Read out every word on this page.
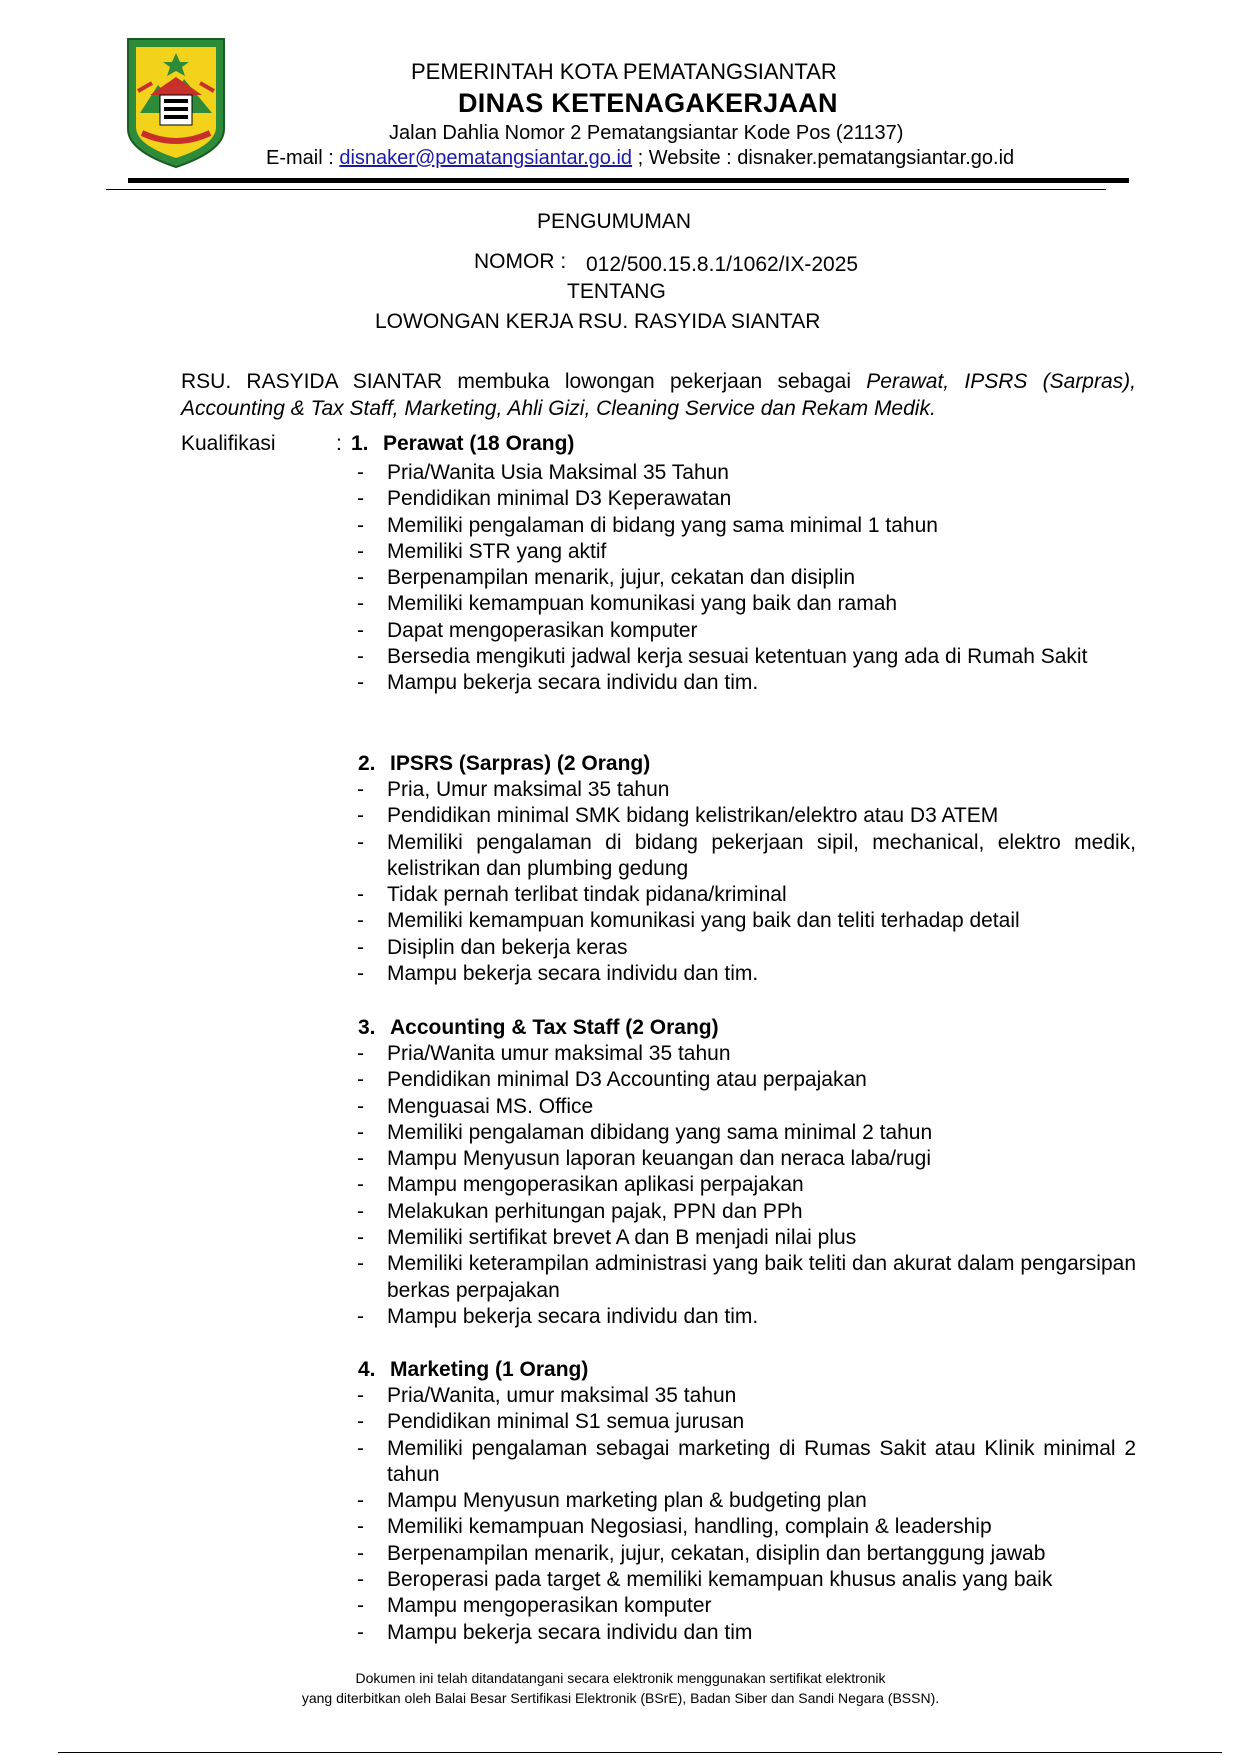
PEMERINTAH KOTA PEMATANGSIANTAR
DINAS KETENAGAKERJAAN
Jalan Dahlia Nomor 2 Pematangsiantar Kode Pos (21137)
E-mail : disnaker@pematangsiantar.go.id ; Website : disnaker.pematangsiantar.go.id
PENGUMUMAN
NOMOR : 012/500.15.8.1/1062/IX-2025
TENTANG
LOWONGAN KERJA RSU. RASYIDA SIANTAR
RSU. RASYIDA SIANTAR membuka lowongan pekerjaan sebagai Perawat, IPSRS (Sarpras), Accounting & Tax Staff, Marketing, Ahli Gizi, Cleaning Service dan Rekam Medik.
Kualifikasi	: 1. Perawat (18 Orang)
- Pria/Wanita Usia Maksimal 35 Tahun
- Pendidikan minimal D3 Keperawatan
- Memiliki pengalaman di bidang yang sama minimal 1 tahun
- Memiliki STR yang aktif
- Berpenampilan menarik, jujur, cekatan dan disiplin
- Memiliki kemampuan komunikasi yang baik dan ramah
- Dapat mengoperasikan komputer
- Bersedia mengikuti jadwal kerja sesuai ketentuan yang ada di Rumah Sakit
- Mampu bekerja secara individu dan tim.
2. IPSRS (Sarpras) (2 Orang)
- Pria, Umur maksimal 35 tahun
- Pendidikan minimal SMK bidang kelistrikan/elektro atau D3 ATEM
- Memiliki pengalaman di bidang pekerjaan sipil, mechanical, elektro medik, kelistrikan dan plumbing gedung
- Tidak pernah terlibat tindak pidana/kriminal
- Memiliki kemampuan komunikasi yang baik dan teliti terhadap detail
- Disiplin dan bekerja keras
- Mampu bekerja secara individu dan tim.
3. Accounting & Tax Staff (2 Orang)
- Pria/Wanita umur maksimal 35 tahun
- Pendidikan minimal D3 Accounting atau perpajakan
- Menguasai MS. Office
- Memiliki pengalaman dibidang yang sama minimal 2 tahun
- Mampu Menyusun laporan keuangan dan neraca laba/rugi
- Mampu mengoperasikan aplikasi perpajakan
- Melakukan perhitungan pajak, PPN dan PPh
- Memiliki sertifikat brevet A dan B menjadi nilai plus
- Memiliki keterampilan administrasi yang baik teliti dan akurat dalam pengarsipan berkas perpajakan
- Mampu bekerja secara individu dan tim.
4. Marketing (1 Orang)
- Pria/Wanita, umur maksimal 35 tahun
- Pendidikan minimal S1 semua jurusan
- Memiliki pengalaman sebagai marketing di Rumas Sakit atau Klinik minimal 2 tahun
- Mampu Menyusun marketing plan & budgeting plan
- Memiliki kemampuan Negosiasi, handling, complain & leadership
- Berpenampilan menarik, jujur, cekatan, disiplin dan bertanggung jawab
- Beroperasi pada target & memiliki kemampuan khusus analis yang baik
- Mampu mengoperasikan komputer
- Mampu bekerja secara individu dan tim
Dokumen ini telah ditandatangani secara elektronik menggunakan sertifikat elektronik
yang diterbitkan oleh Balai Besar Sertifikasi Elektronik (BSrE), Badan Siber dan Sandi Negara (BSSN).
